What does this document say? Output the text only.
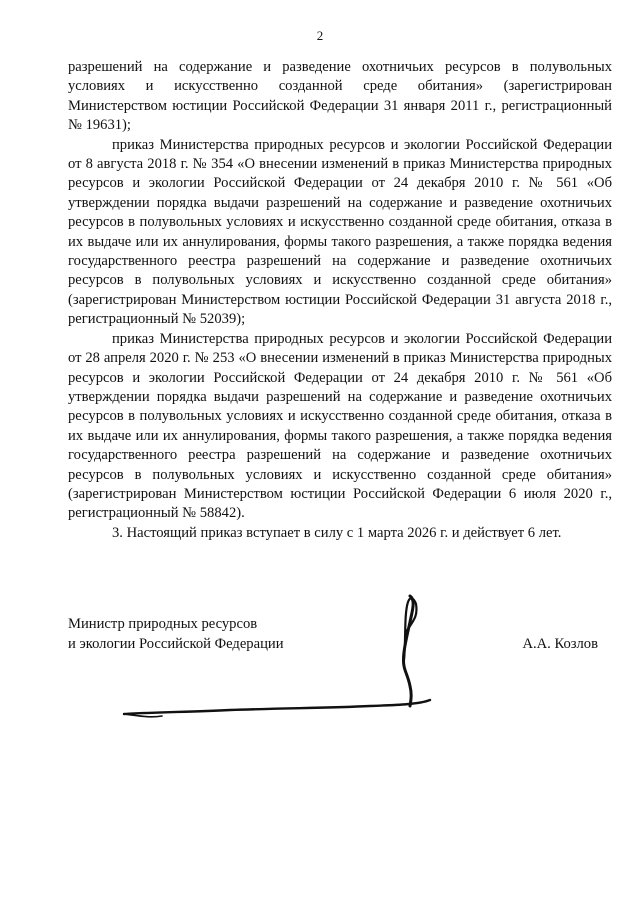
2

разрешений на содержание и разведение охотничьих ресурсов в полувольных условиях и искусственно созданной среде обитания» (зарегистрирован Министерством юстиции Российской Федерации 31 января 2011 г., регистрационный № 19631);

приказ Министерства природных ресурсов и экологии Российской Федерации от 8 августа 2018 г. № 354 «О внесении изменений в приказ Министерства природных ресурсов и экологии Российской Федерации от 24 декабря 2010 г. № 561 «Об утверждении порядка выдачи разрешений на содержание и разведение охотничьих ресурсов в полувольных условиях и искусственно созданной среде обитания, отказа в их выдаче или их аннулирования, формы такого разрешения, а также порядка ведения государственного реестра разрешений на содержание и разведение охотничьих ресурсов в полувольных условиях и искусственно созданной среде обитания» (зарегистрирован Министерством юстиции Российской Федерации 31 августа 2018 г., регистрационный № 52039);

приказ Министерства природных ресурсов и экологии Российской Федерации от 28 апреля 2020 г. № 253 «О внесении изменений в приказ Министерства природных ресурсов и экологии Российской Федерации от 24 декабря 2010 г. № 561 «Об утверждении порядка выдачи разрешений на содержание и разведение охотничьих ресурсов в полувольных условиях и искусственно созданной среде обитания, отказа в их выдаче или их аннулирования, формы такого разрешения, а также порядка ведения государственного реестра разрешений на содержание и разведение охотничьих ресурсов в полувольных условиях и искусственно созданной среде обитания» (зарегистрирован Министерством юстиции Российской Федерации 6 июля 2020 г., регистрационный № 58842).

3. Настоящий приказ вступает в силу с 1 марта 2026 г. и действует 6 лет.

Министр природных ресурсов
и экологии Российской Федерации	А.А. Козлов
